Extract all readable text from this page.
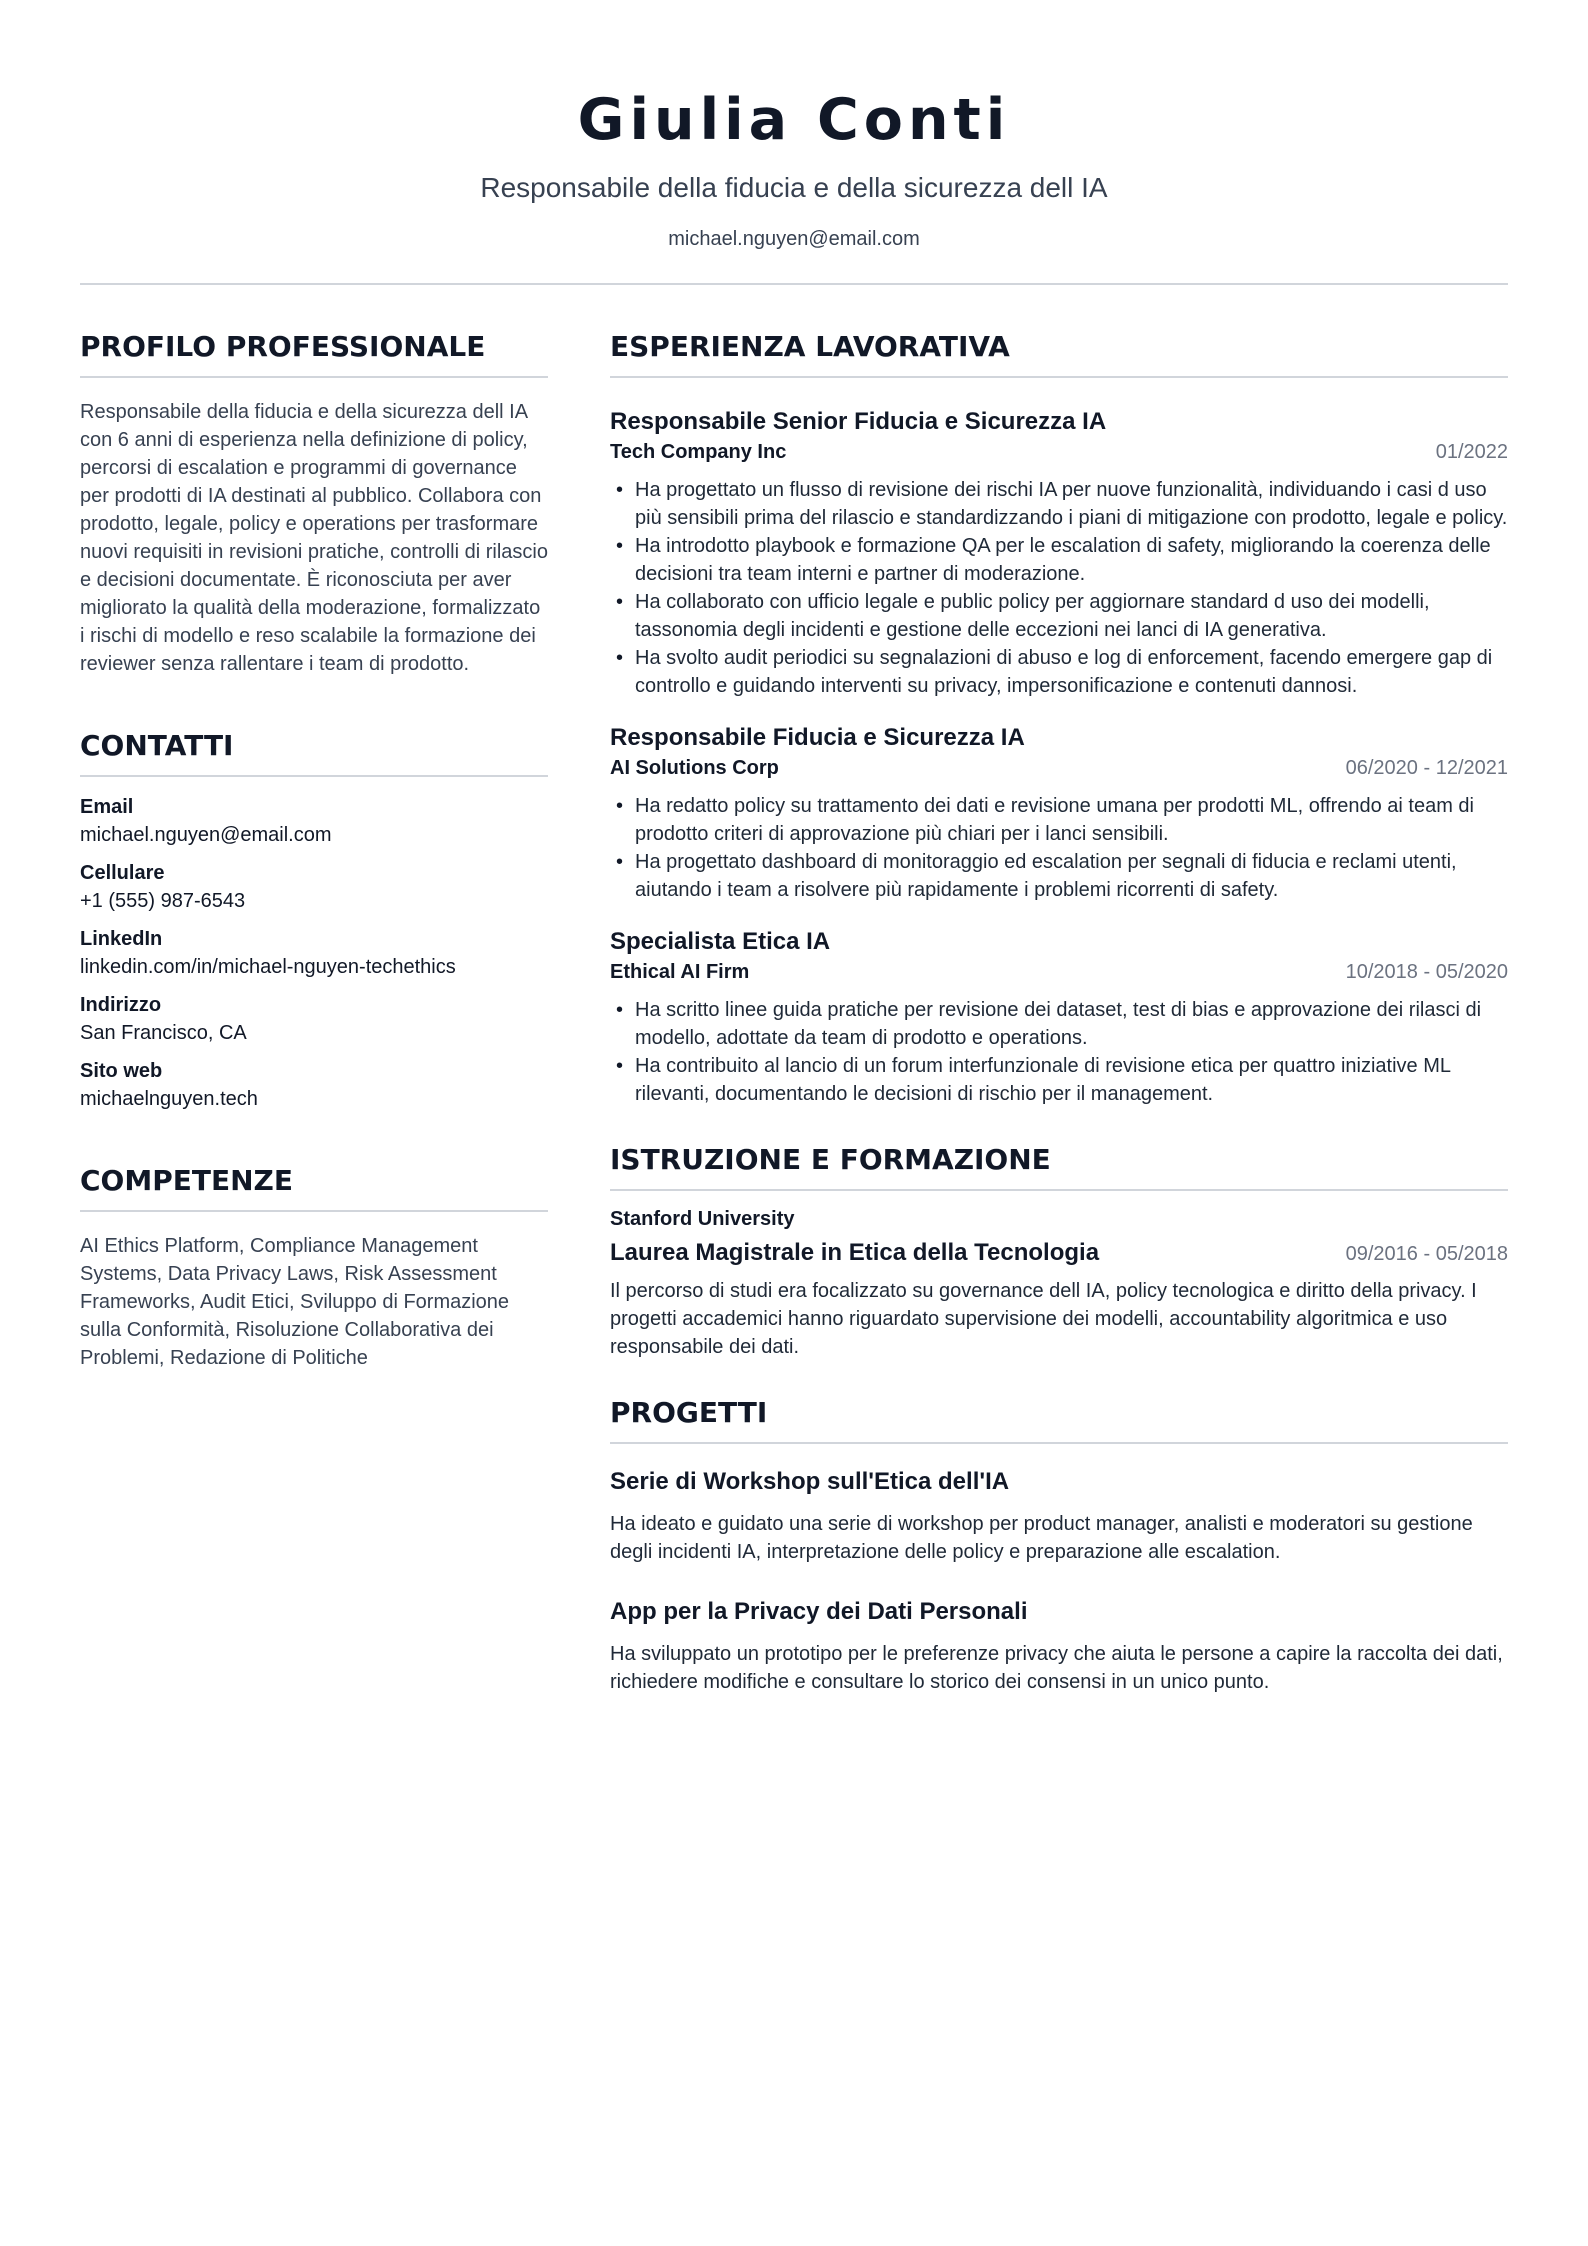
Giulia Conti
Responsabile della fiducia e della sicurezza dell IA
michael.nguyen@email.com
PROFILO PROFESSIONALE

Responsabile della fiducia e della sicurezza dell IA con 6 anni di esperienza nella definizione di policy, percorsi di escalation e programmi di governance per prodotti di IA destinati al pubblico. Collabora con prodotto, legale, policy e operations per trasformare nuovi requisiti in revisioni pratiche, controlli di rilascio e decisioni documentate. È riconosciuta per aver migliorato la qualità della moderazione, formalizzato i rischi di modello e reso scalabile la formazione dei reviewer senza rallentare i team di prodotto.

CONTATTI
Email
michael.nguyen@email.com
Cellulare
+1 (555) 987-6543
LinkedIn
linkedin.com/in/michael-nguyen-techethics
Indirizzo
San Francisco, CA
Sito web
michaelnguyen.tech
COMPETENZE

AI Ethics Platform, Compliance Management Systems, Data Privacy Laws, Risk Assessment Frameworks, Audit Etici, Sviluppo di Formazione sulla Conformità, Risoluzione Collaborativa dei Problemi, Redazione di Politiche

ESPERIENZA LAVORATIVA
Responsabile Senior Fiducia e Sicurezza IA
Tech Company Inc	01/2022
• Ha progettato un flusso di revisione dei rischi IA per nuove funzionalità, individuando i casi d uso più sensibili prima del rilascio e standardizzando i piani di mitigazione con prodotto, legale e policy.
• Ha introdotto playbook e formazione QA per le escalation di safety, migliorando la coerenza delle decisioni tra team interni e partner di moderazione.
• Ha collaborato con ufficio legale e public policy per aggiornare standard d uso dei modelli, tassonomia degli incidenti e gestione delle eccezioni nei lanci di IA generativa.
• Ha svolto audit periodici su segnalazioni di abuso e log di enforcement, facendo emergere gap di controllo e guidando interventi su privacy, impersonificazione e contenuti dannosi.
Responsabile Fiducia e Sicurezza IA
AI Solutions Corp	06/2020 - 12/2021
• Ha redatto policy su trattamento dei dati e revisione umana per prodotti ML, offrendo ai team di prodotto criteri di approvazione più chiari per i lanci sensibili.
• Ha progettato dashboard di monitoraggio ed escalation per segnali di fiducia e reclami utenti, aiutando i team a risolvere più rapidamente i problemi ricorrenti di safety.
Specialista Etica IA
Ethical AI Firm	10/2018 - 05/2020
• Ha scritto linee guida pratiche per revisione dei dataset, test di bias e approvazione dei rilasci di modello, adottate da team di prodotto e operations.
• Ha contribuito al lancio di un forum interfunzionale di revisione etica per quattro iniziative ML rilevanti, documentando le decisioni di rischio per il management.
ISTRUZIONE E FORMAZIONE
Stanford University
Laurea Magistrale in Etica della Tecnologia	09/2016 - 05/2018

Il percorso di studi era focalizzato su governance dell IA, policy tecnologica e diritto della privacy. I progetti accademici hanno riguardato supervisione dei modelli, accountability algoritmica e uso responsabile dei dati.

PROGETTI
Serie di Workshop sull'Etica dell'IA

Ha ideato e guidato una serie di workshop per product manager, analisti e moderatori su gestione degli incidenti IA, interpretazione delle policy e preparazione alle escalation.

App per la Privacy dei Dati Personali

Ha sviluppato un prototipo per le preferenze privacy che aiuta le persone a capire la raccolta dei dati, richiedere modifiche e consultare lo storico dei consensi in un unico punto.
